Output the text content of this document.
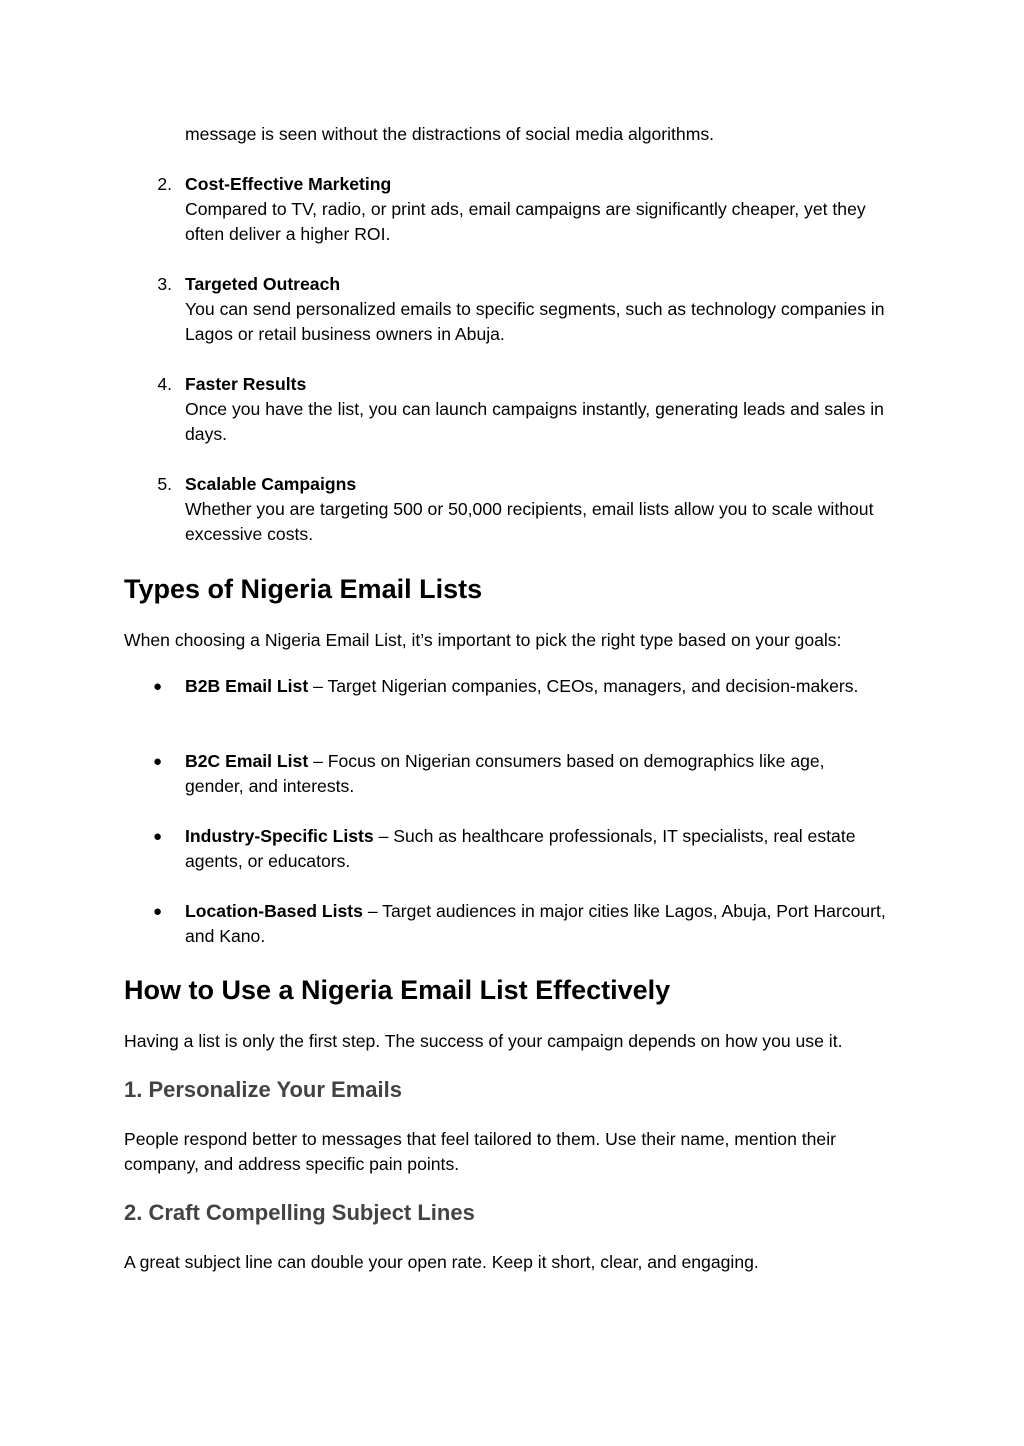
message is seen without the distractions of social media algorithms.
2. Cost-Effective Marketing
Compared to TV, radio, or print ads, email campaigns are significantly cheaper, yet they often deliver a higher ROI.
3. Targeted Outreach
You can send personalized emails to specific segments, such as technology companies in Lagos or retail business owners in Abuja.
4. Faster Results
Once you have the list, you can launch campaigns instantly, generating leads and sales in days.
5. Scalable Campaigns
Whether you are targeting 500 or 50,000 recipients, email lists allow you to scale without excessive costs.
Types of Nigeria Email Lists
When choosing a Nigeria Email List, it’s important to pick the right type based on your goals:
● B2B Email List – Target Nigerian companies, CEOs, managers, and decision-makers.
● B2C Email List – Focus on Nigerian consumers based on demographics like age, gender, and interests.
● Industry-Specific Lists – Such as healthcare professionals, IT specialists, real estate agents, or educators.
● Location-Based Lists – Target audiences in major cities like Lagos, Abuja, Port Harcourt, and Kano.
How to Use a Nigeria Email List Effectively
Having a list is only the first step. The success of your campaign depends on how you use it.
1. Personalize Your Emails
People respond better to messages that feel tailored to them. Use their name, mention their company, and address specific pain points.
2. Craft Compelling Subject Lines
A great subject line can double your open rate. Keep it short, clear, and engaging.
